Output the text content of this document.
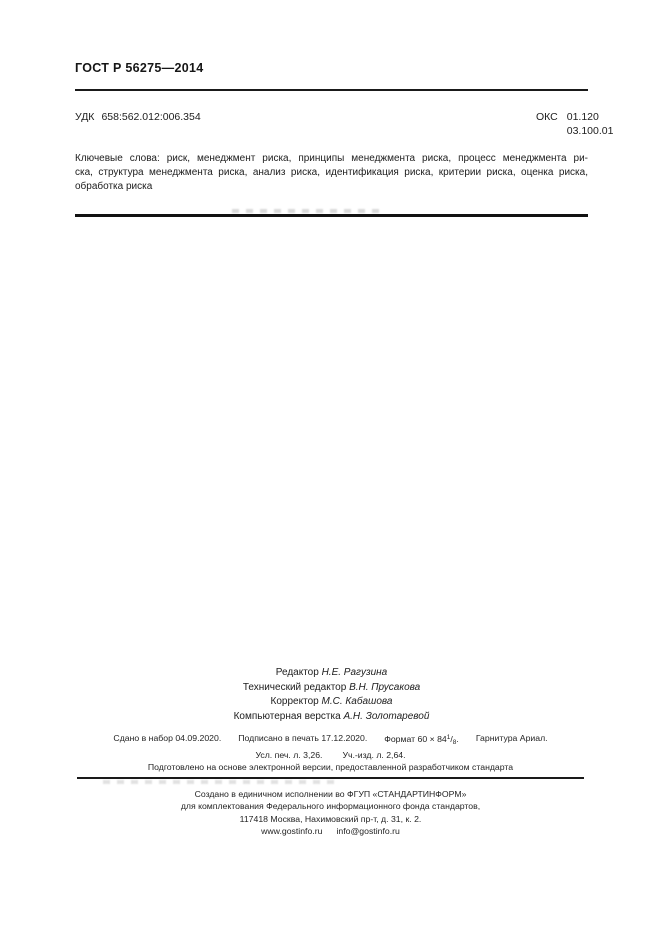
ГОСТ Р 56275—2014
УДК 658:562.012:006.354	ОКС 01.120
03.100.01
Ключевые слова: риск, менеджмент риска, принципы менеджмента риска, процесс менеджмента ри-
ска, структура менеджмента риска, анализ риска, идентификация риска, критерии риска, оценка риска,
обработка риска
Редактор Н.Е. Рагузина
Технический редактор В.Н. Прусакова
Корректор М.С. Кабашова
Компьютерная верстка А.Н. Золотаревой
Сдано в набор 04.09.2020. Подписано в печать 17.12.2020. Формат $60 \times 84^1/_8$. Гарнитура Ариал.
Усл. печ. л. 3,26. Уч.-изд. л. 2,64.
Подготовлено на основе электронной версии, предоставленной разработчиком стандарта
Создано в единичном исполнении во ФГУП «СТАНДАРТИНФОРМ»
для комплектования Федерального информационного фонда стандартов,
117418 Москва, Нахимовский пр-т, д. 31, к. 2.
www.gostinfo.ru info@gostinfo.ru
